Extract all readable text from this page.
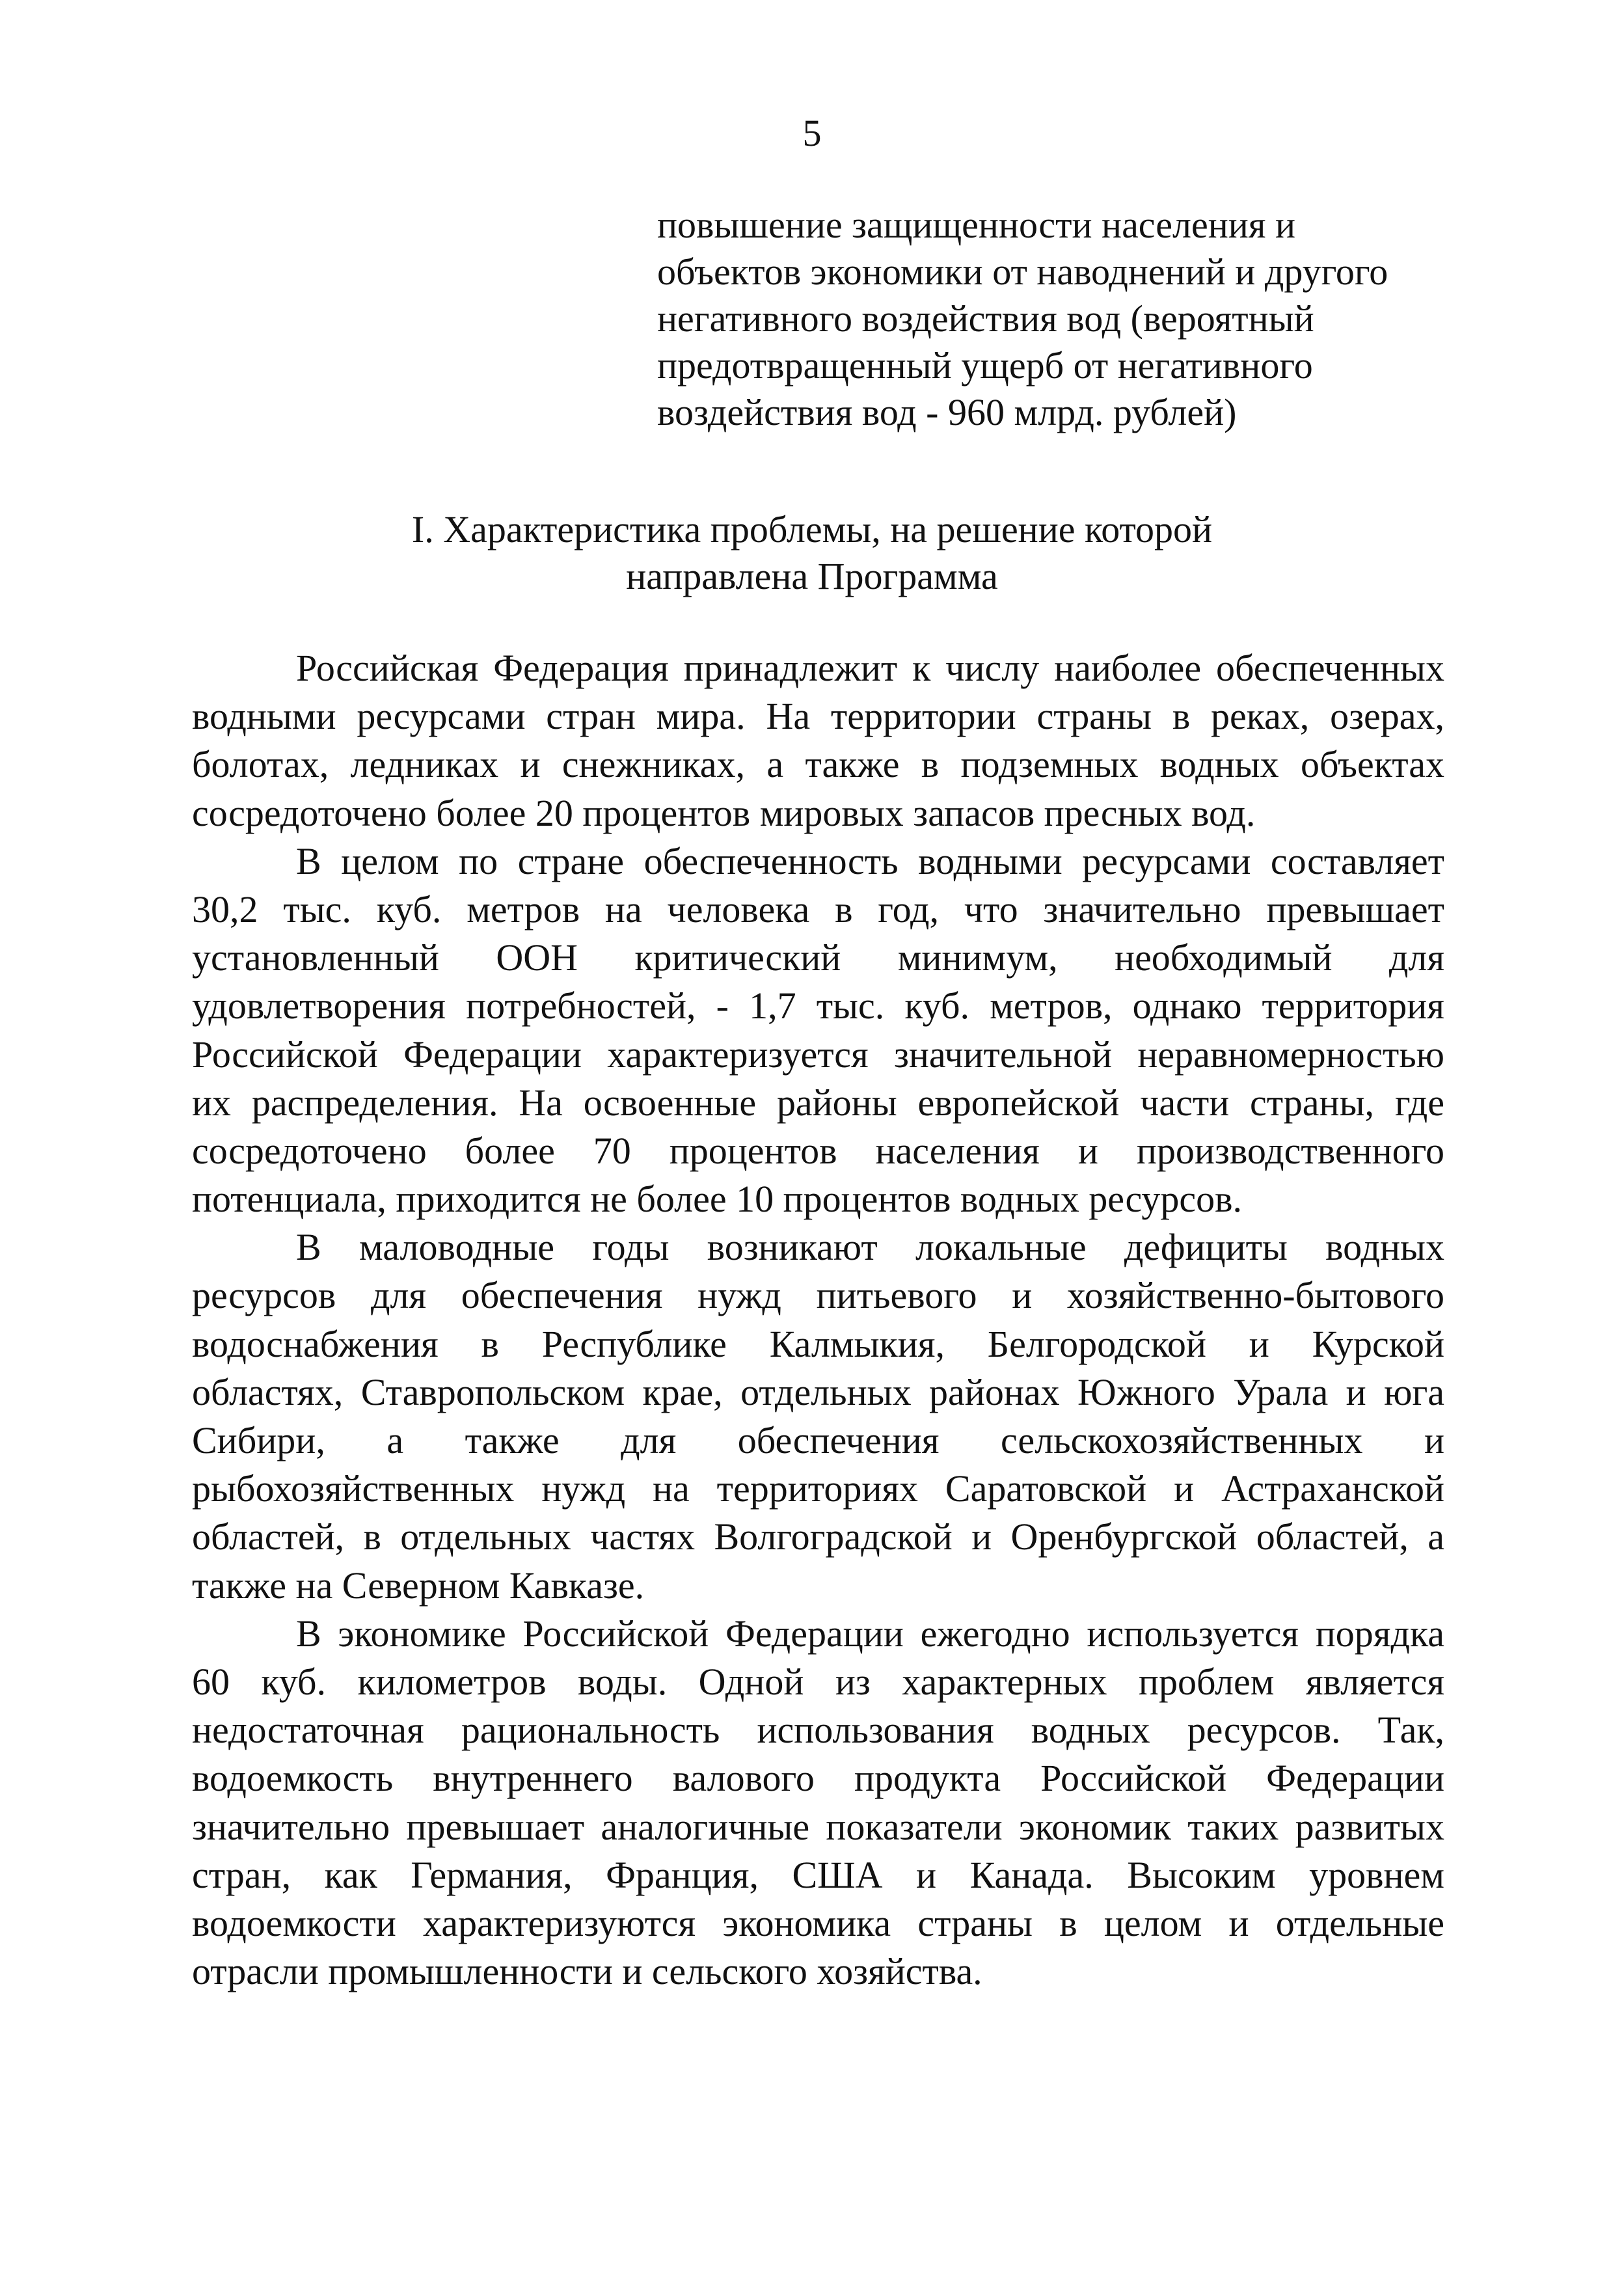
5
повышение защищенности населения и
объектов экономики от наводнений и другого
негативного воздействия вод (вероятный
предотвращенный ущерб от негативного
воздействия вод - 960 млрд. рублей)
I. Характеристика проблемы, на решение которой
направлена Программа
Российская Федерация принадлежит к числу наиболее обеспеченных
водными ресурсами стран мира. На территории страны в реках, озерах,
болотах, ледниках и снежниках, а также в подземных водных объектах
сосредоточено более 20 процентов мировых запасов пресных вод.
В целом по стране обеспеченность водными ресурсами составляет
30,2 тыс. куб. метров на человека в год, что значительно превышает
установленный ООН критический минимум, необходимый для
удовлетворения потребностей, - 1,7 тыс. куб. метров, однако территория
Российской Федерации характеризуется значительной неравномерностью
их распределения. На освоенные районы европейской части страны, где
сосредоточено более 70 процентов населения и производственного
потенциала, приходится не более 10 процентов водных ресурсов.
В маловодные годы возникают локальные дефициты водных
ресурсов для обеспечения нужд питьевого и хозяйственно-бытового
водоснабжения в Республике Калмыкия, Белгородской и Курской
областях, Ставропольском крае, отдельных районах Южного Урала и юга
Сибири, а также для обеспечения сельскохозяйственных и
рыбохозяйственных нужд на территориях Саратовской и Астраханской
областей, в отдельных частях Волгоградской и Оренбургской областей, а
также на Северном Кавказе.
В экономике Российской Федерации ежегодно используется порядка
60 куб. километров воды. Одной из характерных проблем является
недостаточная рациональность использования водных ресурсов. Так,
водоемкость внутреннего валового продукта Российской Федерации
значительно превышает аналогичные показатели экономик таких развитых
стран, как Германия, Франция, США и Канада. Высоким уровнем
водоемкости характеризуются экономика страны в целом и отдельные
отрасли промышленности и сельского хозяйства.
